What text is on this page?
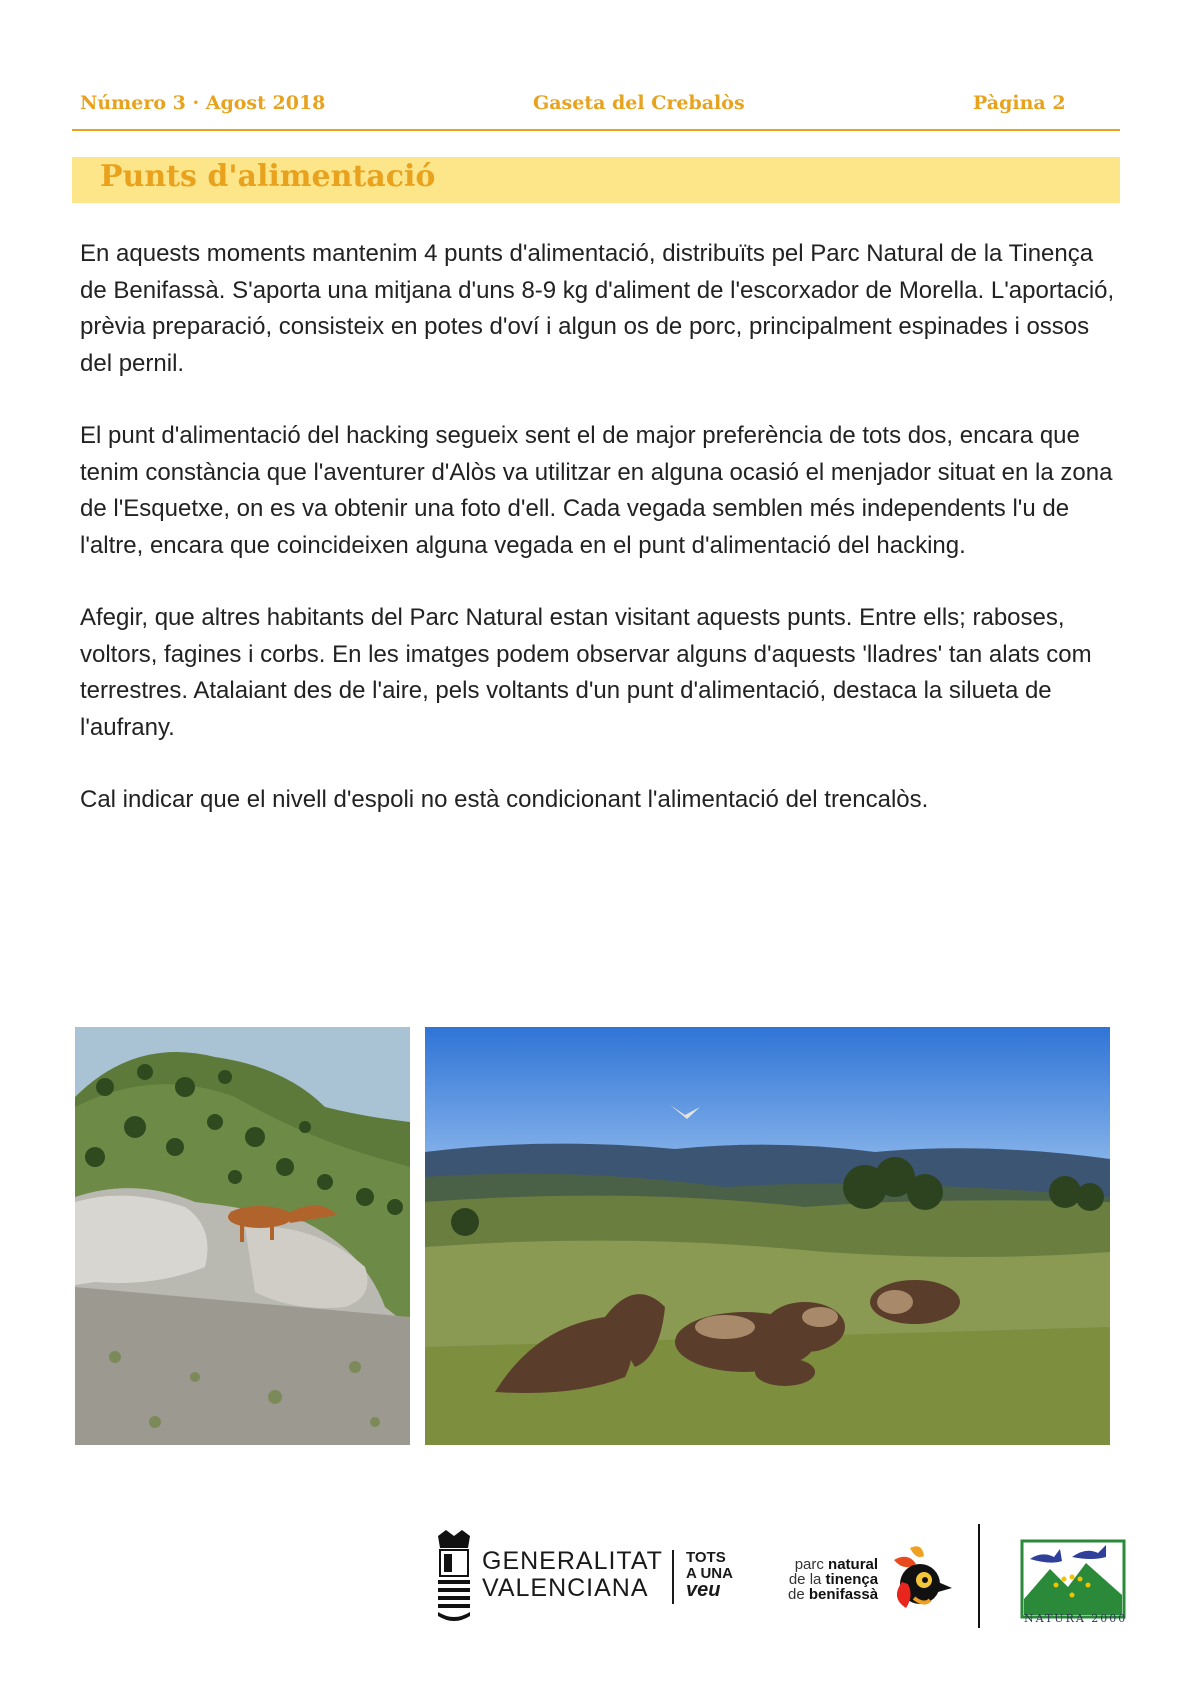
Número 3 · Agost 2018	Gaseta del Crebalòs	Pàgina 2
Punts d'alimentació

En aquests moments mantenim 4 punts d'alimentació, distribuïts pel Parc Natural de la Tinença de Benifassà. S'aporta una mitjana d'uns 8-9 kg d'aliment de l'escorxador de Morella. L'aportació, prèvia preparació, consisteix en potes d'oví i algun os de porc, principalment espinades i ossos del pernil.

El punt d'alimentació del hacking segueix sent el de major preferència de tots dos, encara que tenim constància que l'aventurer d'Alòs va utilitzar en alguna ocasió el menjador situat en la zona de l'Esquetxe, on es va obtenir una foto d'ell. Cada vegada semblen més independents l'u de l'altre, encara que coincideixen alguna vegada en el punt d'alimentació del hacking.

Afegir, que altres habitants del Parc Natural estan visitant aquests punts. Entre ells; raboses, voltors, fagines i corbs. En les imatges podem observar alguns d'aquests 'lladres' tan alats com terrestres. Atalaiant des de l'aire, pels voltants d'un punt d'alimentació, destaca la silueta de l'aufrany.

Cal indicar que el nivell d'espoli no està condicionant l'alimentació del trencalòs.

GENERALITAT
VALENCIANA
TOTS
A UNA
veu
parc natural
de la tinença
de benifassà
NATURA 2000
